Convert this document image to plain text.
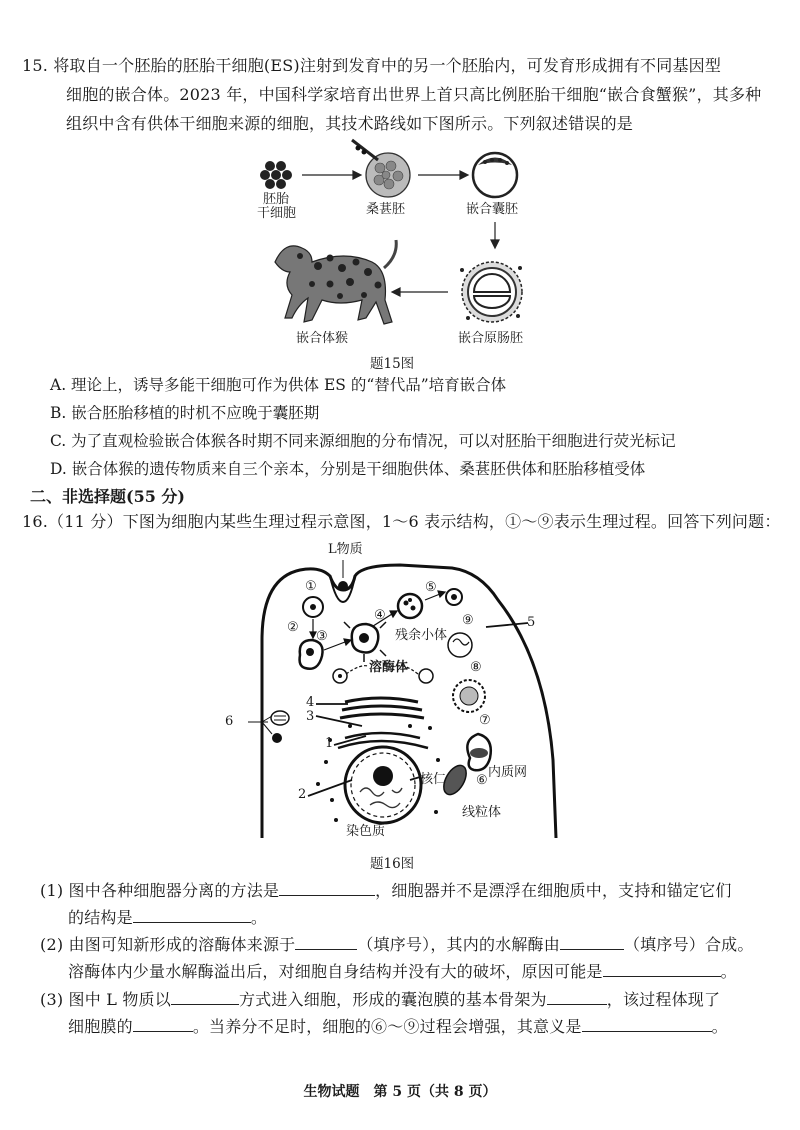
15. 将取自一个胚胎的胚胎干细胞(ES)注射到发育中的另一个胚胎内，可发育形成拥有不同基因型
细胞的嵌合体。2023 年，中国科学家培育出世界上首只高比例胚胎干细胞“嵌合食蟹猴”，其多种
组织中含有供体干细胞来源的细胞，其技术路线如下图所示。下列叙述错误的是
胚胎
干细胞	桑葚胚	嵌合囊胚
嵌合原肠胚
嵌合体猴
题15图
A. 理论上，诱导多能干细胞可作为供体 ES 的“替代品”培育嵌合体
B. 嵌合胚胎移植的时机不应晚于囊胚期
C. 为了直观检验嵌合体猴各时期不同来源细胞的分布情况，可以对胚胎干细胞进行荧光标记
D. 嵌合体猴的遗传物质来自三个亲本，分别是干细胞供体、桑葚胚供体和胚胎移植受体
二、非选择题(55 分)
16.（11 分）下图为细胞内某些生理过程示意图，1～6 表示结构，①～⑨表示生理过程。回答下列问题：
L物质
①
②
③
④
⑤
残余小体
⑨	5
⑧
溶酶体
4
3
6	⑦
1
核仁	内质网
⑥
2
线粒体
染色质
题16图
(1) 图中各种细胞器分离的方法是	，细胞器并不是漂浮在细胞质中，支持和锚定它们
的结构是	。
(2) 由图可知新形成的溶酶体来源于	（填序号），其内的水解酶由	（填序号）合成。
溶酶体内少量水解酶溢出后，对细胞自身结构并没有大的破坏，原因可能是	。
(3) 图中 L 物质以	方式进入细胞，形成的囊泡膜的基本骨架为	，该过程体现了
细胞膜的	。当养分不足时，细胞的⑥～⑨过程会增强，其意义是	。
生物试题　第 5 页（共 8 页）
